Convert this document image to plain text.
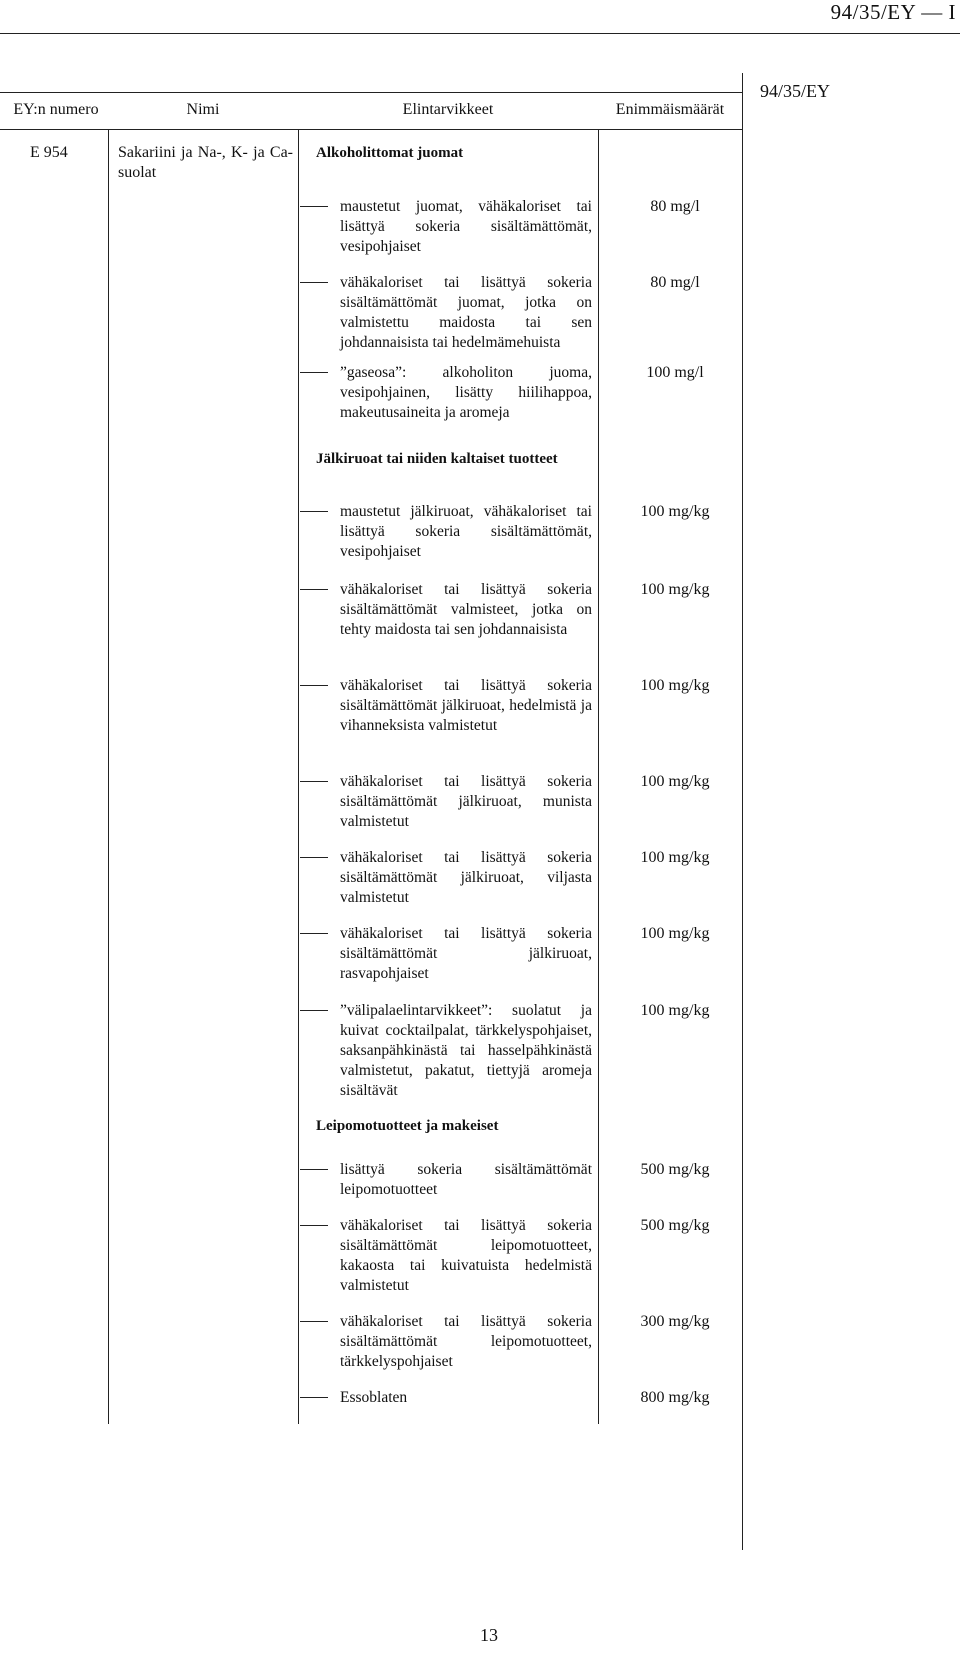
94/35/EY — I
94/35/EY
EY:n numero	Nimi	Elintarvikkeet	Enimmäismäärät
E 954	Sakariini ja Na-, K- ja Ca-suolat
Alkoholittomat juomat
maustetut juomat, vähäkaloriset tai lisättyä sokeria sisältämättömät, vesipohjaiset
80 mg/l
vähäkaloriset tai lisättyä sokeria sisältämättömät juomat, jotka on valmistettu maidosta tai sen johdannaisista tai hedelmämehuista
80 mg/l
”gaseosa”: alkoholiton juoma, vesipohjainen, lisätty hiilihappoa, makeutusaineita ja aromeja
100 mg/l
Jälkiruoat tai niiden kaltaiset tuotteet
maustetut jälkiruoat, vähäkaloriset tai lisättyä sokeria sisältämättömät, vesipohjaiset
100 mg/kg
vähäkaloriset tai lisättyä sokeria sisältämättömät valmisteet, jotka on tehty maidosta tai sen johdannaisista
100 mg/kg
vähäkaloriset tai lisättyä sokeria sisältämättömät jälkiruoat, hedelmistä ja vihanneksista valmistetut
100 mg/kg
vähäkaloriset tai lisättyä sokeria sisältämättömät jälkiruoat, munista valmistetut
100 mg/kg
vähäkaloriset tai lisättyä sokeria sisältämättömät jälkiruoat, viljasta valmistetut
100 mg/kg
vähäkaloriset tai lisättyä sokeria sisältämättömät jälkiruoat, rasvapohjaiset
100 mg/kg
”välipalaelintarvikkeet”: suolatut ja kuivat cocktailpalat, tärkkelyspohjaiset, saksanpähkinästä tai hasselpähkinästä valmistetut, pakatut, tiettyjä aromeja sisältävät
100 mg/kg
Leipomotuotteet ja makeiset
lisättyä sokeria sisältämättömät leipomotuotteet
500 mg/kg
vähäkaloriset tai lisättyä sokeria sisältämättömät leipomotuotteet, kakaosta tai kuivatuista hedelmistä valmistetut
500 mg/kg
vähäkaloriset tai lisättyä sokeria sisältämättömät leipomotuotteet, tärkkelyspohjaiset
300 mg/kg
Essoblaten	800 mg/kg
13
